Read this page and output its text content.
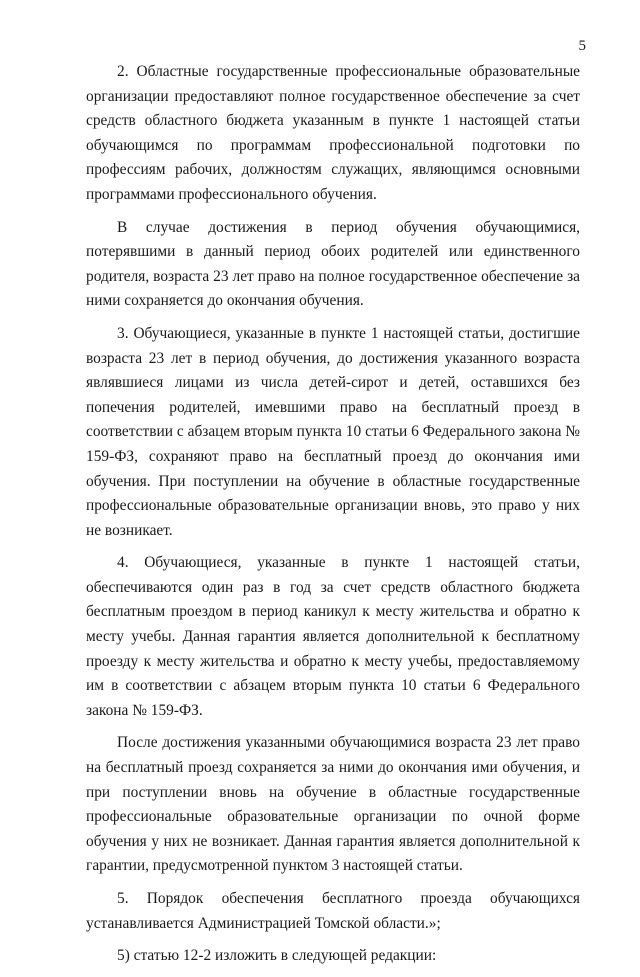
5

2. Областные государственные профессиональные образовательные организации предоставляют полное государственное обеспечение за счет средств областного бюджета указанным в пункте 1 настоящей статьи обучающимся по программам профессиональной подготовки по профессиям рабочих, должностям служащих, являющимся основными программами профессионального обучения.

В случае достижения в период обучения обучающимися, потерявшими в данный период обоих родителей или единственного родителя, возраста 23 лет право на полное государственное обеспечение за ними сохраняется до окончания обучения.

3. Обучающиеся, указанные в пункте 1 настоящей статьи, достигшие возраста 23 лет в период обучения, до достижения указанного возраста являвшиеся лицами из числа детей-сирот и детей, оставшихся без попечения родителей, имевшими право на бесплатный проезд в соответствии с абзацем вторым пункта 10 статьи 6 Федерального закона № 159-ФЗ, сохраняют право на бесплатный проезд до окончания ими обучения. При поступлении на обучение в областные государственные профессиональные образовательные организации вновь, это право у них не возникает.

4. Обучающиеся, указанные в пункте 1 настоящей статьи, обеспечиваются один раз в год за счет средств областного бюджета бесплатным проездом в период каникул к месту жительства и обратно к месту учебы. Данная гарантия является дополнительной к бесплатному проезду к месту жительства и обратно к месту учебы, предоставляемому им в соответствии с абзацем вторым пункта 10 статьи 6 Федерального закона № 159-ФЗ.

После достижения указанными обучающимися возраста 23 лет право на бесплатный проезд сохраняется за ними до окончания ими обучения, и при поступлении вновь на обучение в областные государственные профессиональные образовательные организации по очной форме обучения у них не возникает. Данная гарантия является дополнительной к гарантии, предусмотренной пунктом 3 настоящей статьи.

5. Порядок обеспечения бесплатного проезда обучающихся устанавливается Администрацией Томской области.»;

5) статью 12-2 изложить в следующей редакции:
